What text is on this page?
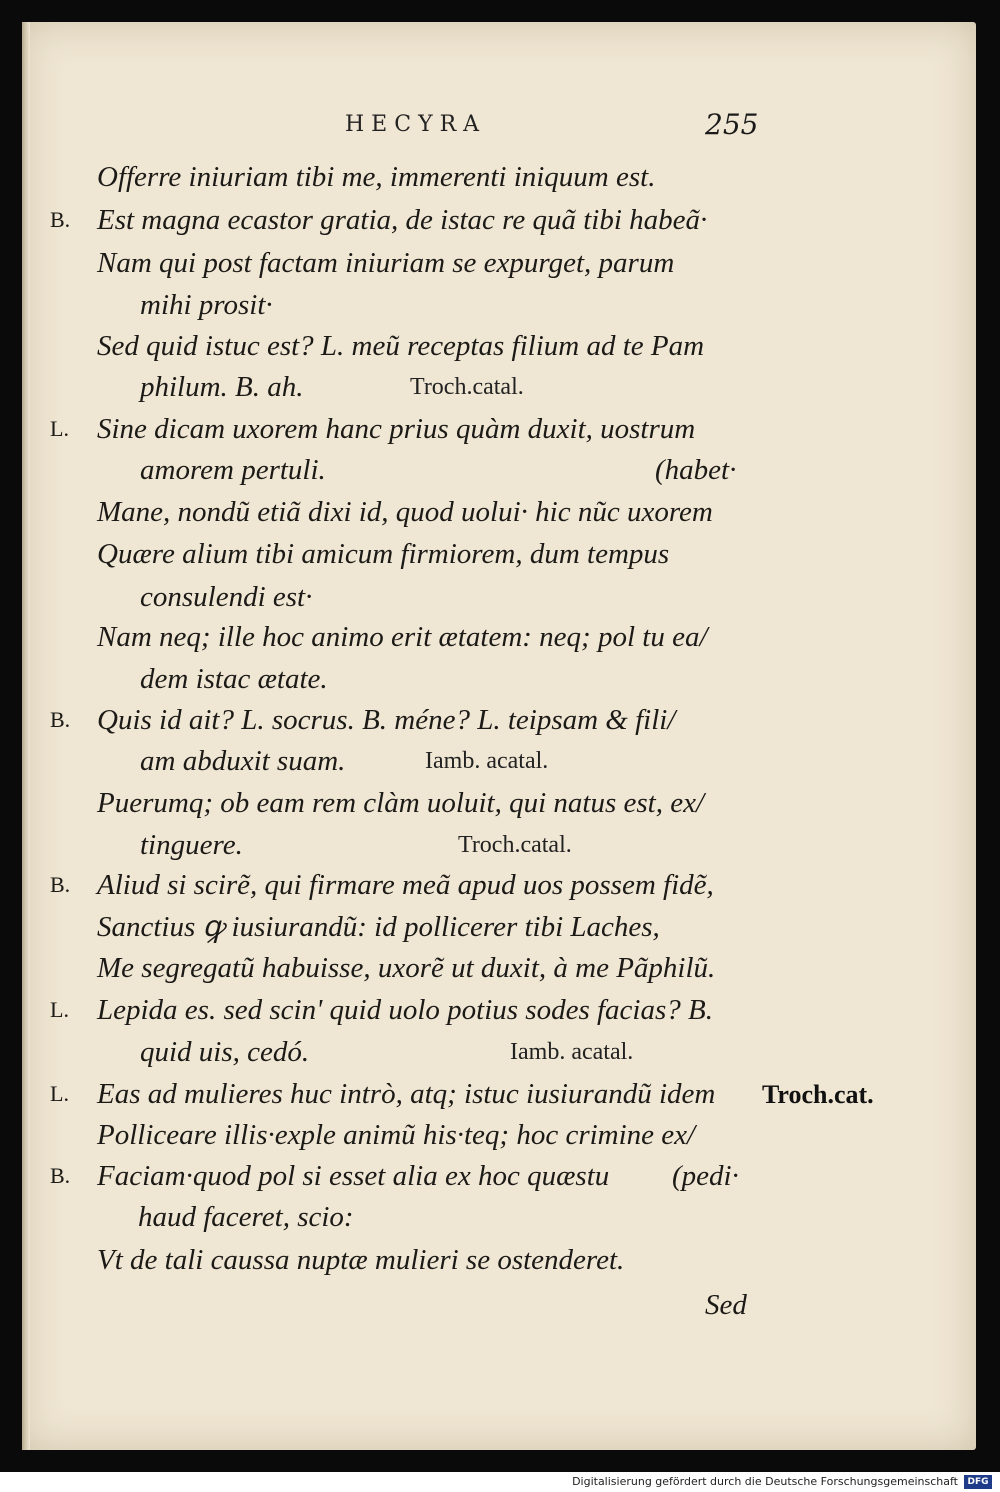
HECYRA	255
Offerre iniuriam tibi me, immerenti iniquum est.
B. Est magna ecastor gratia, de istac re quã tibi habeã·
Nam qui post factam iniuriam se expurget, parum
mihi prosit·
Sed quid istuc est? L. meũ receptas filium ad te Pam
philum. B. ah.	Troch.catal.
L. Sine dicam uxorem hanc prius quàm duxit, uostrum
amorem pertuli.	(habet·
Mane, nondũ etiã dixi id, quod uolui· hic nũc uxorem
Quære alium tibi amicum firmiorem, dum tempus
consulendi est·
Nam neq; ille hoc animo erit ætatem: neq; pol tu ea/
dem istac ætate.
B. Quis id ait? L. socrus. B. méne? L. teipsam & fili/
am abduxit suam.	Iamb. acatal.
Puerumq; ob eam rem clàm uoluit, qui natus est, ex/
tinguere.	Troch.catal.
B. Aliud si scirẽ, qui firmare meã apud uos possem fidẽ,
Sanctius ꝙ iusiurandũ: id pollicerer tibi Laches,
Me segregatũ habuisse, uxorẽ ut duxit, à me Pãphilũ.
L. Lepida es. sed scin' quid uolo potius sodes facias? B.
quid uis, cedó.	Iamb. acatal.
L. Eas ad mulieres huc intrò, atq; istuc iusiurandũ idem Troch.cat.
Polliceare illis·exple animũ his·teq; hoc crimine ex/
B. Faciam·quod pol si esset alia ex hoc quæstu (pedi·
haud faceret, scio:
Vt de tali caussa nuptæ mulieri se ostenderet.
Sed
Digitalisierung gefördert durch die Deutsche Forschungsgemeinschaft	DFG
